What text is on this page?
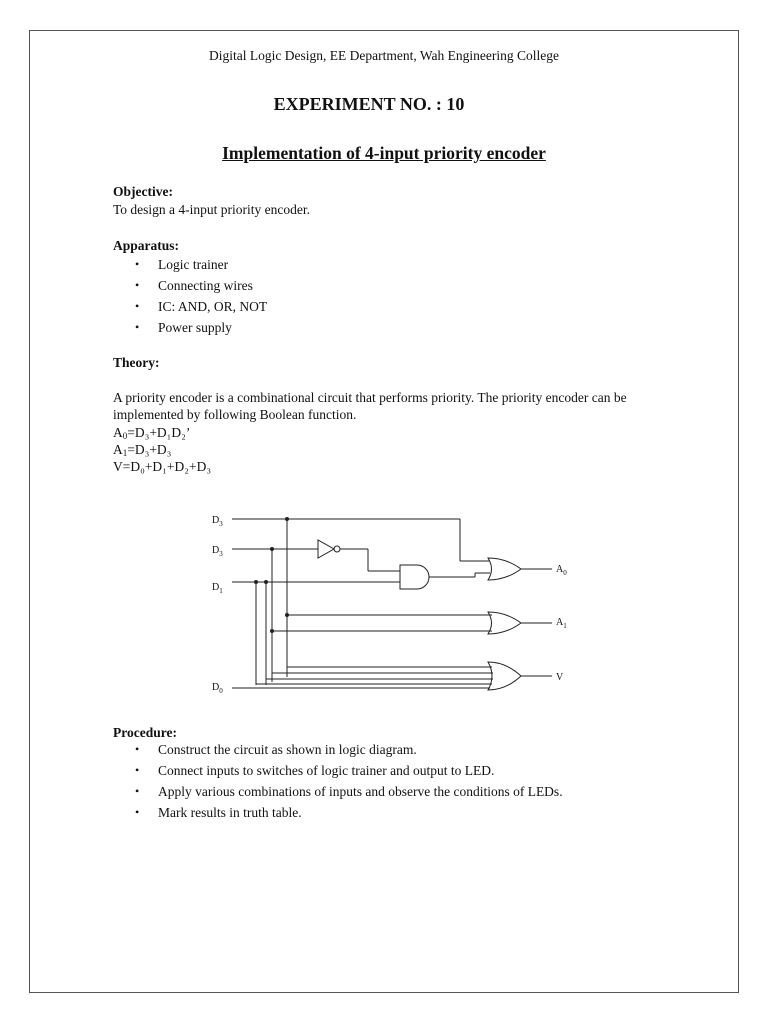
Digital Logic Design, EE Department, Wah Engineering College
EXPERIMENT NO. : 10
Implementation of 4-input priority encoder
Objective:
To design a 4-input priority encoder.
Apparatus:
• Logic trainer
• Connecting wires
• IC: AND, OR, NOT
• Power supply
Theory:
A priority encoder is a combinational circuit that performs priority. The priority encoder can be implemented by following Boolean function.
$A_0=D_3+D_1D_2$’
$A_1=D_3+D_3$
V=D₀+D₁+D₂+D₃
$D_3$
$D_3$
$D_1$
$D_0$
$A_0$
$A_1$
V
Procedure:
• Construct the circuit as shown in logic diagram.
• Connect inputs to switches of logic trainer and output to LED.
• Apply various combinations of inputs and observe the conditions of LEDs.
• Mark results in truth table.
